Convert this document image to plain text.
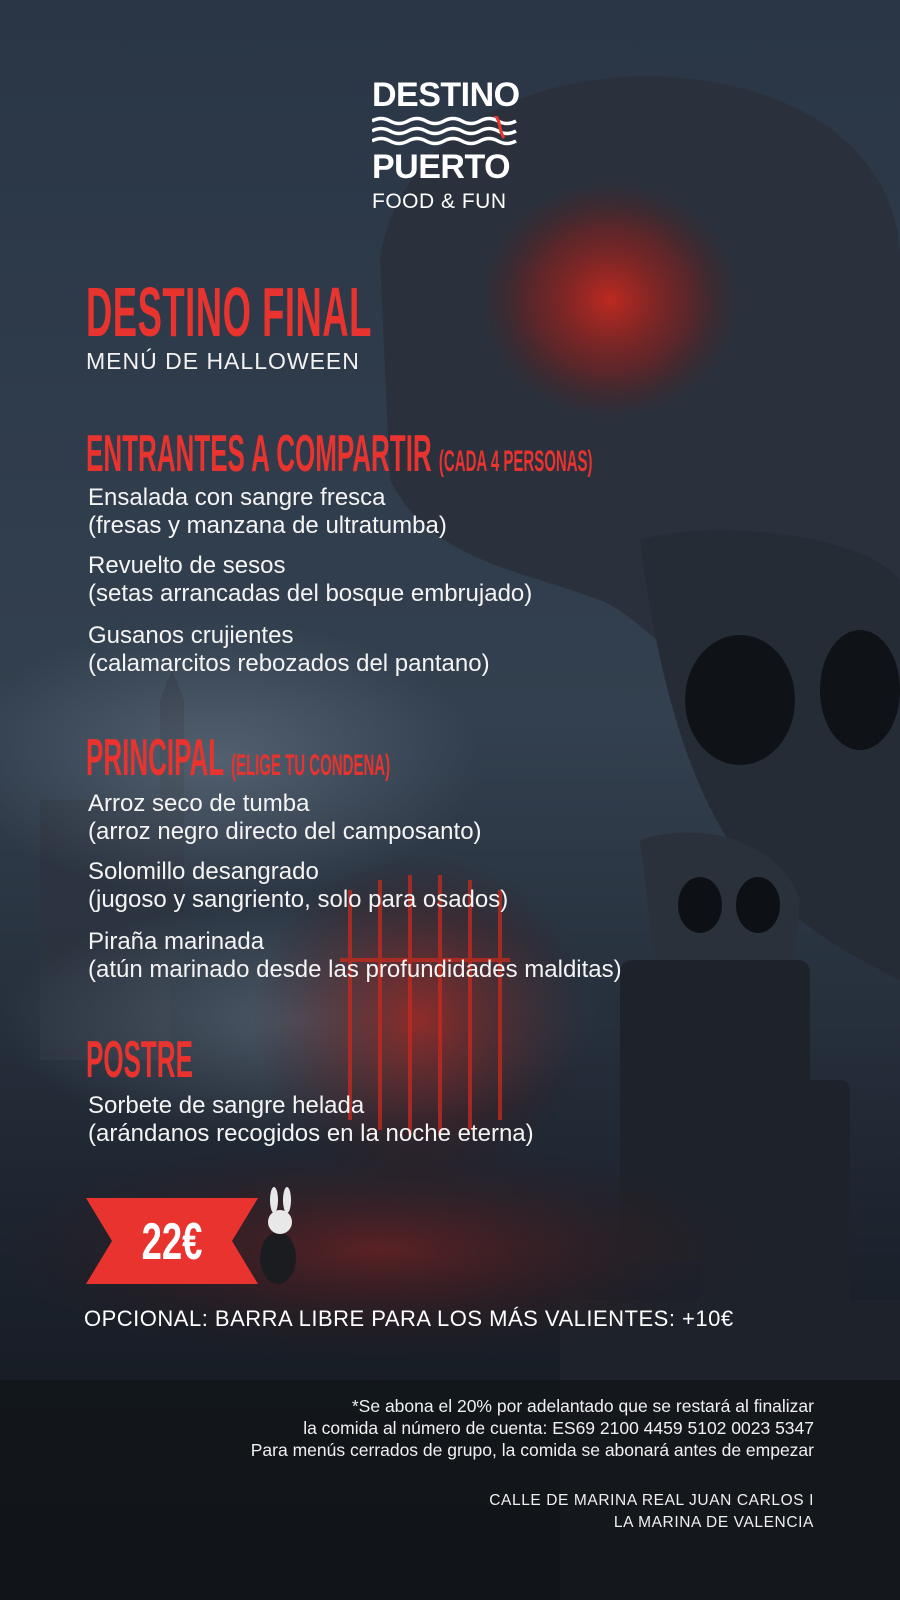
DESTINO
PUERTO
FOOD & FUN
DESTINO FINAL
MENÚ DE HALLOWEEN
ENTRANTES A COMPARTIR (CADA 4 PERSONAS)
Ensalada con sangre fresca
(fresas y manzana de ultratumba)
Revuelto de sesos
(setas arrancadas del bosque embrujado)
Gusanos crujientes
(calamarcitos rebozados del pantano)
PRINCIPAL (ELIGE TU CONDENA)
Arroz seco de tumba
(arroz negro directo del camposanto)
Solomillo desangrado
(jugoso y sangriento, solo para osados)
Piraña marinada
(atún marinado desde las profundidades malditas)
POSTRE
Sorbete de sangre helada
(arándanos recogidos en la noche eterna)
22€
OPCIONAL: BARRA LIBRE PARA LOS MÁS VALIENTES: +10€
*Se abona el 20% por adelantado que se restará al finalizar
la comida al número de cuenta: ES69 2100 4459 5102 0023 5347
Para menús cerrados de grupo, la comida se abonará antes de empezar
CALLE DE MARINA REAL JUAN CARLOS I
LA MARINA DE VALENCIA
